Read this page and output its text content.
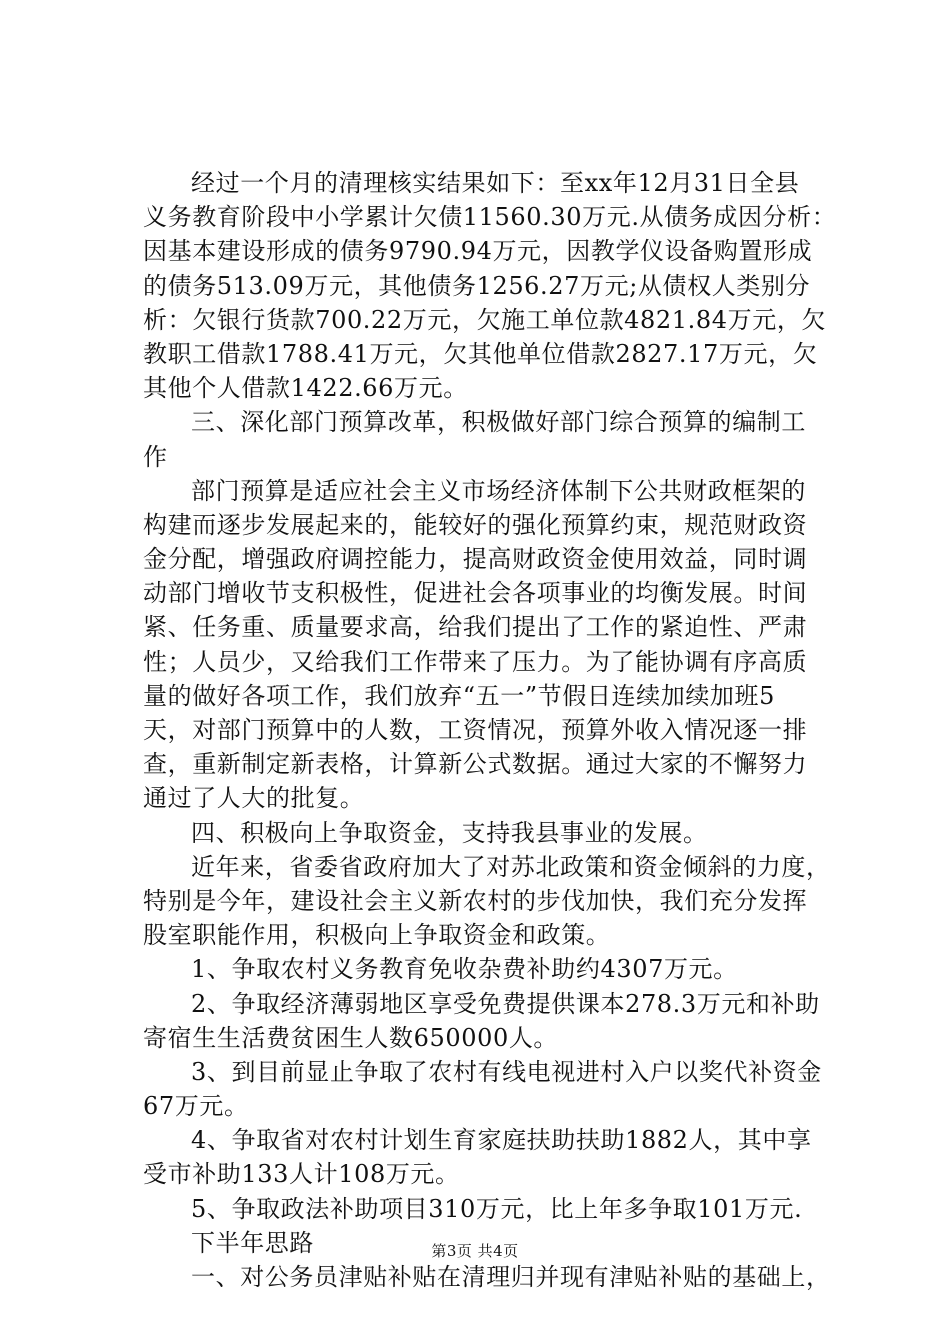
经过一个月的清理核实结果如下：至xx年12月31日全县
义务教育阶段中小学累计欠债11560.30万元.从债务成因分析：
因基本建设形成的债务9790.94万元，因教学仪设备购置形成
的债务513.09万元，其他债务1256.27万元;从债权人类别分
析：欠银行货款700.22万元，欠施工单位款4821.84万元，欠
教职工借款1788.41万元，欠其他单位借款2827.17万元，欠
其他个人借款1422.66万元。
三、深化部门预算改革，积极做好部门综合预算的编制工
作
部门预算是适应社会主义市场经济体制下公共财政框架的
构建而逐步发展起来的，能较好的强化预算约束，规范财政资
金分配，增强政府调控能力，提高财政资金使用效益，同时调
动部门增收节支积极性，促进社会各项事业的均衡发展。时间
紧、任务重、质量要求高，给我们提出了工作的紧迫性、严肃
性；人员少，又给我们工作带来了压力。为了能协调有序高质
量的做好各项工作，我们放弃“五一”节假日连续加续加班5
天，对部门预算中的人数，工资情况，预算外收入情况逐一排
查，重新制定新表格，计算新公式数据。通过大家的不懈努力
通过了人大的批复。
四、积极向上争取资金，支持我县事业的发展。
近年来，省委省政府加大了对苏北政策和资金倾斜的力度，
特别是今年，建设社会主义新农村的步伐加快，我们充分发挥
股室职能作用，积极向上争取资金和政策。
1、争取农村义务教育免收杂费补助约4307万元。
2、争取经济薄弱地区享受免费提供课本278.3万元和补助
寄宿生生活费贫困生人数650000人。
3、到目前显止争取了农村有线电视进村入户以奖代补资金
67万元。
4、争取省对农村计划生育家庭扶助扶助1882人，其中享
受市补助133人计108万元。
5、争取政法补助项目310万元，比上年多争取101万元.
下半年思路
一、对公务员津贴补贴在清理归并现有津贴补贴的基础上，
第3页 共4页
